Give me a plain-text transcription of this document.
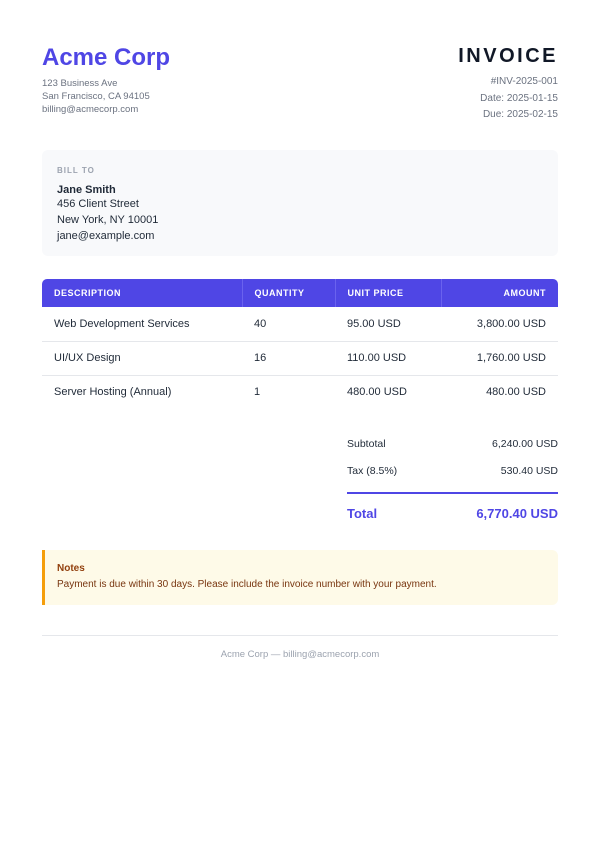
Acme Corp
123 Business Ave
San Francisco, CA 94105
billing@acmecorp.com
INVOICE
#INV-2025-001
Date: 2025-01-15
Due: 2025-02-15
BILL TO
Jane Smith
456 Client Street
New York, NY 10001
jane@example.com
DESCRIPTION	QUANTITY	UNIT PRICE	AMOUNT
Web Development Services	40	95.00 USD	3,800.00 USD
UI/UX Design	16	110.00 USD	1,760.00 USD
Server Hosting (Annual)	1	480.00 USD	480.00 USD
Subtotal	6,240.00 USD
Tax (8.5%)	530.40 USD
Total	6,770.40 USD
Notes
Payment is due within 30 days. Please include the invoice number with your payment.
Acme Corp — billing@acmecorp.com
